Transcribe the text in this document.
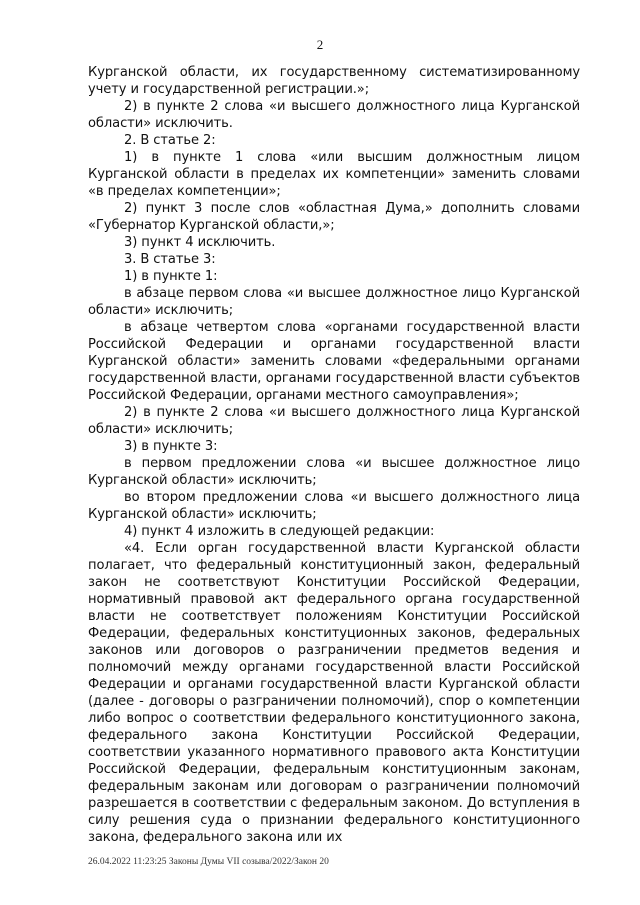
2

Курганской области, их государственному систематизированному учету и государственной регистрации.»;

2) в пункте 2 слова «и высшего должностного лица Курганской области» исключить.

2. В статье 2:

1) в пункте 1 слова «или высшим должностным лицом Курганской области в пределах их компетенции» заменить словами «в пределах компетенции»;

2) пункт 3 после слов «областная Дума,» дополнить словами «Губернатор Курганской области,»;

3) пункт 4 исключить.

3. В статье 3:

1) в пункте 1:

в абзаце первом слова «и высшее должностное лицо Курганской области» исключить;

в абзаце четвертом слова «органами государственной власти Российской Федерации и органами государственной власти Курганской области» заменить словами «федеральными органами государственной власти, органами государственной власти субъектов Российской Федерации, органами местного самоуправления»;

2) в пункте 2 слова «и высшего должностного лица Курганской области» исключить;

3) в пункте 3:

в первом предложении слова «и высшее должностное лицо Курганской области» исключить;

во втором предложении слова «и высшего должностного лица Курганской области» исключить;

4) пункт 4 изложить в следующей редакции:

«4. Если орган государственной власти Курганской области полагает, что федеральный конституционный закон, федеральный закон не соответствуют Конституции Российской Федерации, нормативный правовой акт федерального органа государственной власти не соответствует положениям Конституции Российской Федерации, федеральных конституционных законов, федеральных законов или договоров о разграничении предметов ведения и полномочий между органами государственной власти Российской Федерации и органами государственной власти Курганской области (далее - договоры о разграничении полномочий), спор о компетенции либо вопрос о соответствии федерального конституционного закона, федерального закона Конституции Российской Федерации, соответствии указанного нормативного правового акта Конституции Российской Федерации, федеральным конституционным законам, федеральным законам или договорам о разграничении полномочий разрешается в соответствии с федеральным законом. До вступления в силу решения суда о признании федерального конституционного закона, федерального закона или их

26.04.2022 11:23:25 Законы Думы VII созыва/2022/Закон 20
